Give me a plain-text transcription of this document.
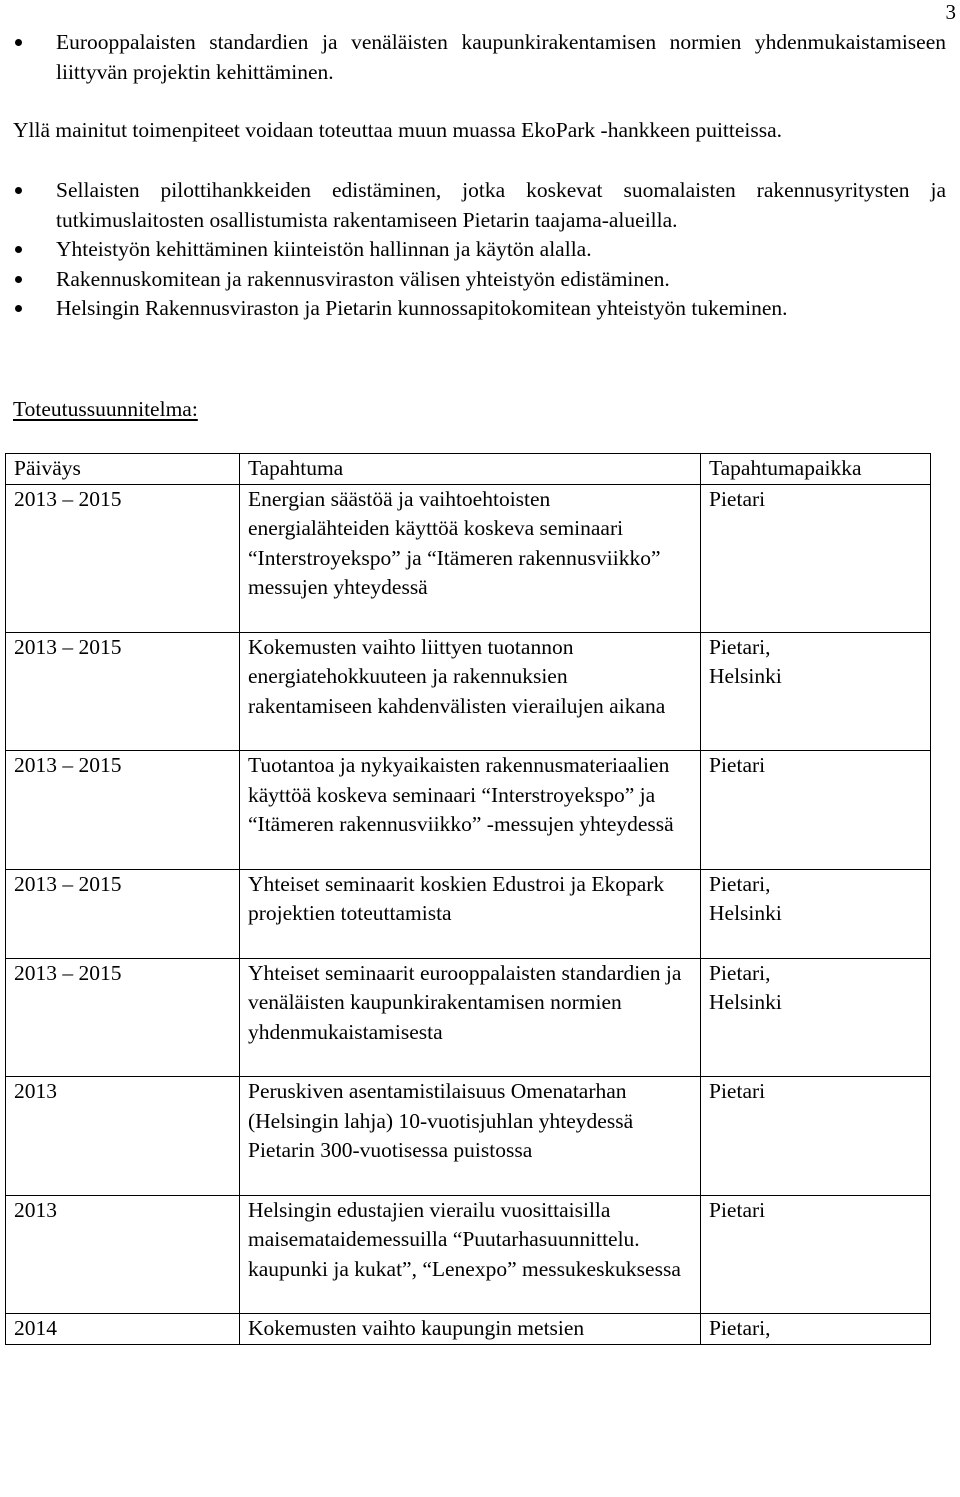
3
Eurooppalaisten standardien ja venäläisten kaupunkirakentamisen normien yhdenmukaistamiseen liittyvän projektin kehittäminen.
Yllä mainitut toimenpiteet voidaan toteuttaa muun muassa EkoPark -hankkeen puitteissa.
Sellaisten pilottihankkeiden edistäminen, jotka koskevat suomalaisten rakennusyritysten ja tutkimuslaitosten osallistumista rakentamiseen Pietarin taajama-alueilla.
Yhteistyön kehittäminen kiinteistön hallinnan ja käytön alalla.
Rakennuskomitean ja rakennusviraston välisen yhteistyön edistäminen.
Helsingin Rakennusviraston ja Pietarin kunnossapitokomitean yhteistyön tukeminen.
Toteutussuunnitelma:
Päiväys	Tapahtuma	Tapahtumapaikka
2013 – 2015	Energian säästöä ja vaihtoehtoisten energialähteiden käyttöä koskeva seminaari “Interstroyekspo” ja “Itämeren rakennusviikko” messujen yhteydessä	Pietari
2013 – 2015	Kokemusten vaihto liittyen tuotannon energiatehokkuuteen ja rakennuksien rakentamiseen kahdenvälisten vierailujen aikana	Pietari, Helsinki
2013 – 2015	Tuotantoa ja nykyaikaisten rakennusmateriaalien käyttöä koskeva seminaari “Interstroyekspo” ja “Itämeren rakennusviikko” -messujen yhteydessä	Pietari
2013 – 2015	Yhteiset seminaarit koskien Edustroi ja Ekopark projektien toteuttamista	Pietari, Helsinki
2013 – 2015	Yhteiset seminaarit eurooppalaisten standardien ja venäläisten kaupunkirakentamisen normien yhdenmukaistamisesta	Pietari, Helsinki
2013	Peruskiven asentamistilaisuus Omenatarhan (Helsingin lahja) 10-vuotisjuhlan yhteydessä Pietarin 300-vuotisessa puistossa	Pietari
2013	Helsingin edustajien vierailu vuosittaisilla maisemataidemessuilla “Puutarhasuunnittelu. kaupunki ja kukat”, “Lenexpo” messukeskuksessa	Pietari
2014	Kokemusten vaihto kaupungin metsien	Pietari,
